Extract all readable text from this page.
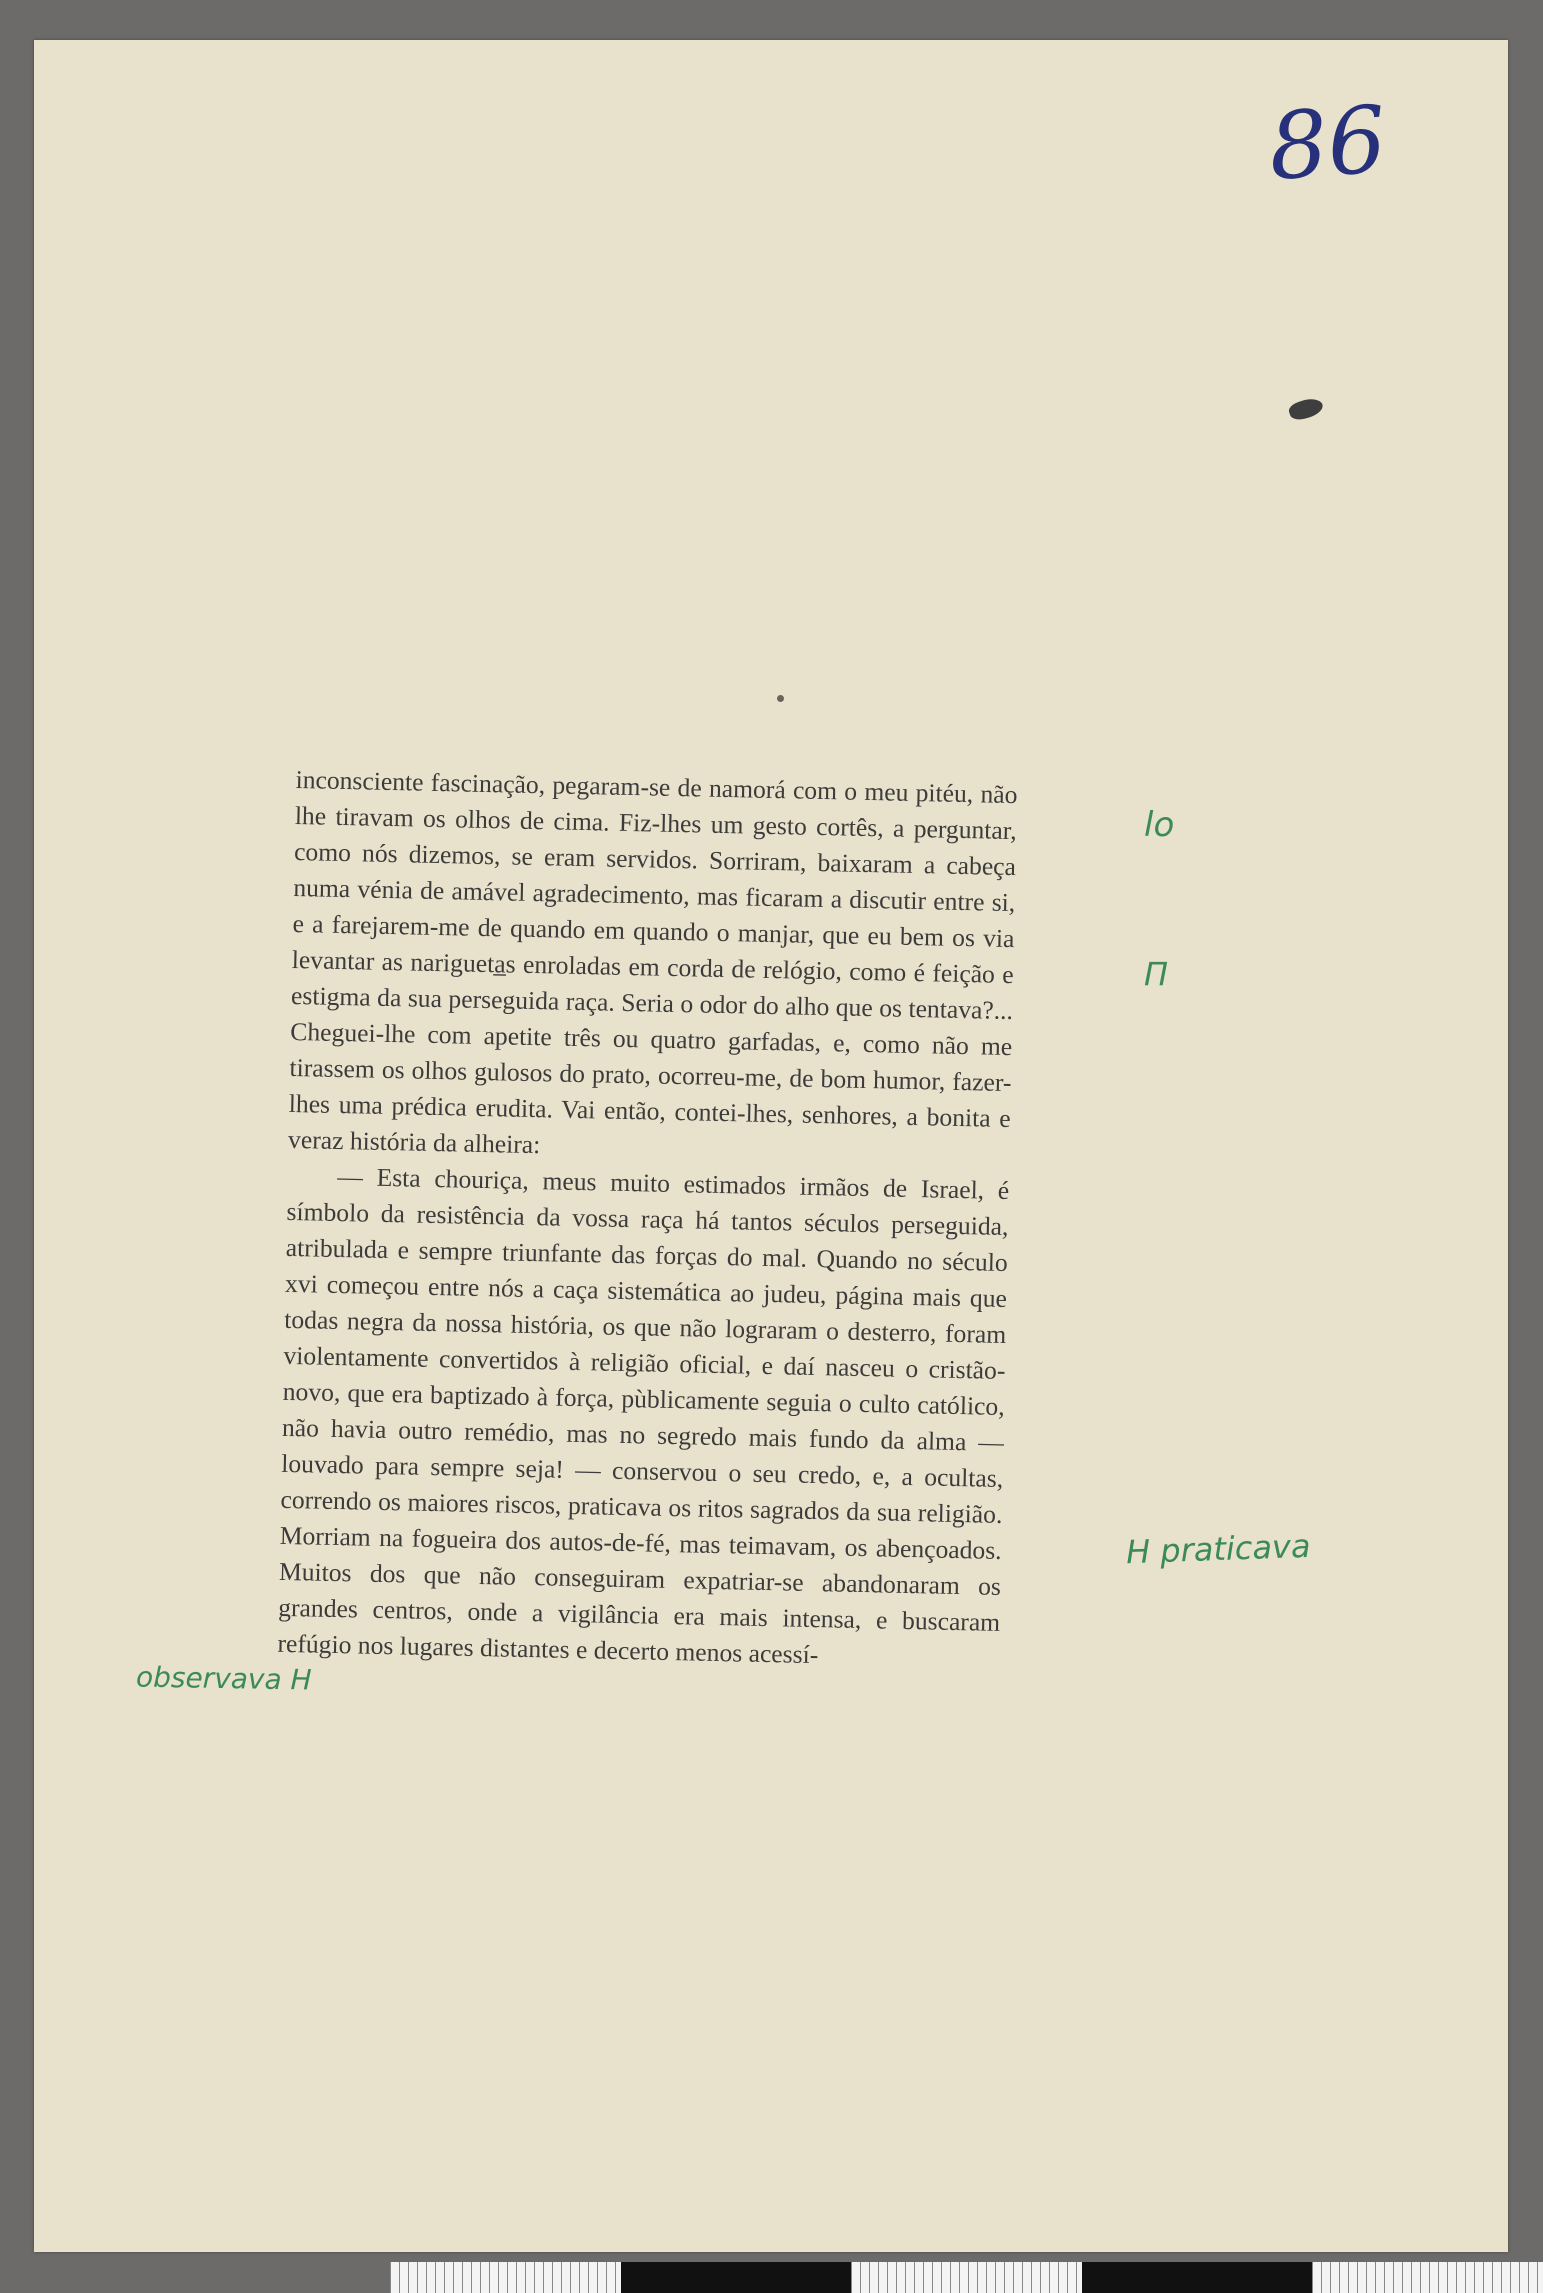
86

inconsciente fascinação, pegaram-se de namorá com o meu pitéu, não lhe tiravam os olhos de cima. Fiz-lhes um gesto cortês, a perguntar, como nós dizemos, se eram servidos. Sorriram, baixaram a cabeça numa vénia de amável agradecimento, mas ficaram a discutir entre si, e a farejarem-me de quando em quando o manjar, que eu bem os via levantar as narigueta̲s enroladas em corda de relógio, como é feição e estigma da sua perseguida raça. Seria o odor do alho que os tentava?... Cheguei-lhe com apetite três ou quatro garfadas, e, como não me tirassem os olhos gulosos do prato, ocorreu-me, de bom humor, fazer-lhes uma prédica erudita. Vai então, contei-lhes, senhores, a bonita e veraz história da alheira:

— Esta chouriça, meus muito estimados irmãos de Israel, é símbolo da resistência da vossa raça há tantos séculos perseguida, atribulada e sempre triunfante das forças do mal. Quando no século xvi começou entre nós a caça sistemática ao judeu, página mais que todas negra da nossa história, os que não lograram o desterro, foram violentamente convertidos à religião oficial, e daí nasceu o cristão-novo, que era baptizado à força, pùblicamente seguia o culto católico, não havia outro remédio, mas no segredo mais fundo da alma — louvado para sempre seja! — conservou o seu credo, e, a ocultas, correndo os maiores riscos, praticava os ritos sagrados da sua religião. Morriam na fogueira dos autos-de-fé, mas teimavam, os abençoados. Muitos dos que não conseguiram expatriar-se abandonaram os grandes centros, onde a vigilância era mais intensa, e buscaram refúgio nos lugares distantes e decerto menos acessí-

lo
Π
H praticava
observava H
